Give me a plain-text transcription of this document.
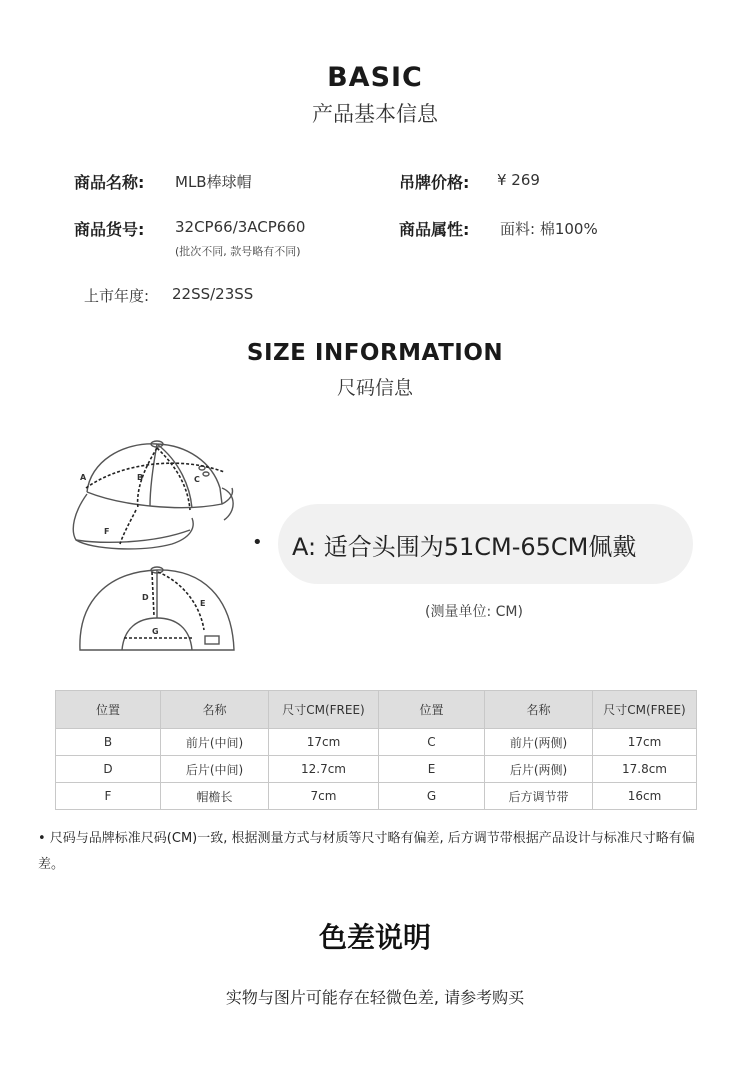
BASIC
产品基本信息
商品名称: MLB棒球帽	吊牌价格: ¥ 269
商品货号: 32CP66/3ACP660
(批次不同, 款号略有不同)
商品属性: 面料: 棉100%
上市年度: 22SS/23SS
SIZE INFORMATION
尺码信息
A	B	C
D
E
F
G
• A: 适合头围为51CM-65CM佩戴
(测量单位: CM)
位置	名称	尺寸CM(FREE)	位置	名称	尺寸CM(FREE)
B	前片(中间)	17cm	C	前片(两侧)	17cm
D	后片(中间)	12.7cm	E	后片(两侧)	17.8cm
F	帽檐长	7cm	G	后方调节带	16cm
• 尺码与品牌标准尺码(CM)一致, 根据测量方式与材质等尺寸略有偏差, 后方调节带根据产品设计与标准尺寸略有偏差。
色差说明
实物与图片可能存在轻微色差, 请参考购买
